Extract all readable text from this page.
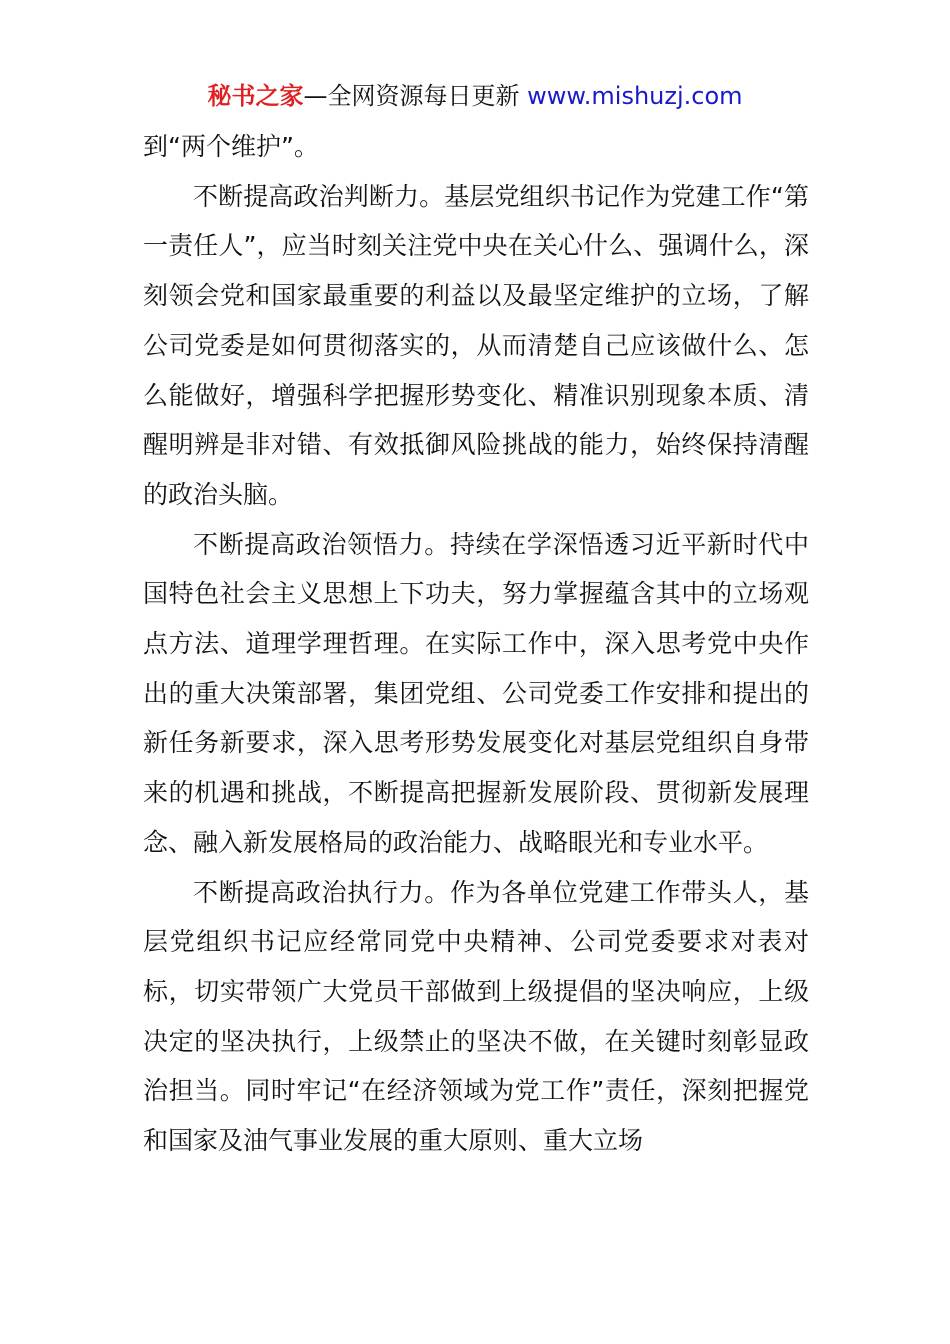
秘书之家—全网资源每日更新 www.mishuzj.com

到“两个维护”。

不断提高政治判断力。基层党组织书记作为党建工作“第一责任人”，应当时刻关注党中央在关心什么、强调什么，深刻领会党和国家最重要的利益以及最坚定维护的立场，了解公司党委是如何贯彻落实的，从而清楚自己应该做什么、怎么能做好，增强科学把握形势变化、精准识别现象本质、清醒明辨是非对错、有效抵御风险挑战的能力，始终保持清醒的政治头脑。

不断提高政治领悟力。持续在学深悟透习近平新时代中国特色社会主义思想上下功夫，努力掌握蕴含其中的立场观点方法、道理学理哲理。在实际工作中，深入思考党中央作出的重大决策部署，集团党组、公司党委工作安排和提出的新任务新要求，深入思考形势发展变化对基层党组织自身带来的机遇和挑战，不断提高把握新发展阶段、贯彻新发展理念、融入新发展格局的政治能力、战略眼光和专业水平。

不断提高政治执行力。作为各单位党建工作带头人，基层党组织书记应经常同党中央精神、公司党委要求对表对标，切实带领广大党员干部做到上级提倡的坚决响应，上级决定的坚决执行，上级禁止的坚决不做，在关键时刻彰显政治担当。同时牢记“在经济领域为党工作”责任，深刻把握党和国家及油气事业发展的重大原则、重大立场
